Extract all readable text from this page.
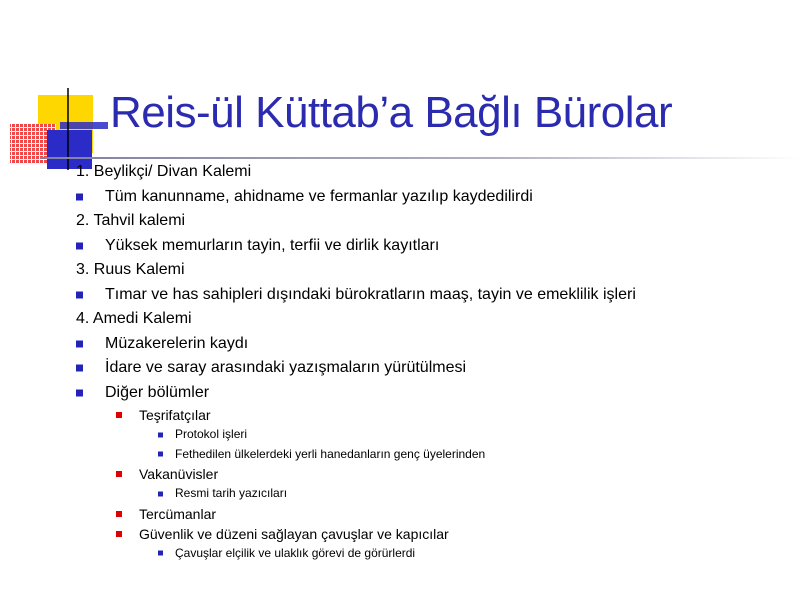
Reis-ül Küttab’a Bağlı Bürolar
1. Beylikçi/ Divan Kalemi
Tüm kanunname, ahidname ve fermanlar yazılıp kaydedilirdi
2. Tahvil kalemi
Yüksek memurların tayin, terfii ve dirlik kayıtları
3. Ruus Kalemi
Tımar ve has sahipleri dışındaki bürokratların maaş, tayin ve emeklilik işleri
4. Amedi Kalemi
Müzakerelerin kaydı
İdare ve saray arasındaki yazışmaların yürütülmesi
Diğer bölümler
Teşrifatçılar
Protokol işleri
Fethedilen ülkelerdeki yerli hanedanların genç üyelerinden
Vakanüvisler
Resmi tarih yazıcıları
Tercümanlar
Güvenlik ve düzeni sağlayan çavuşlar ve kapıcılar
Çavuşlar elçilik ve ulaklık görevi de görürlerdi
